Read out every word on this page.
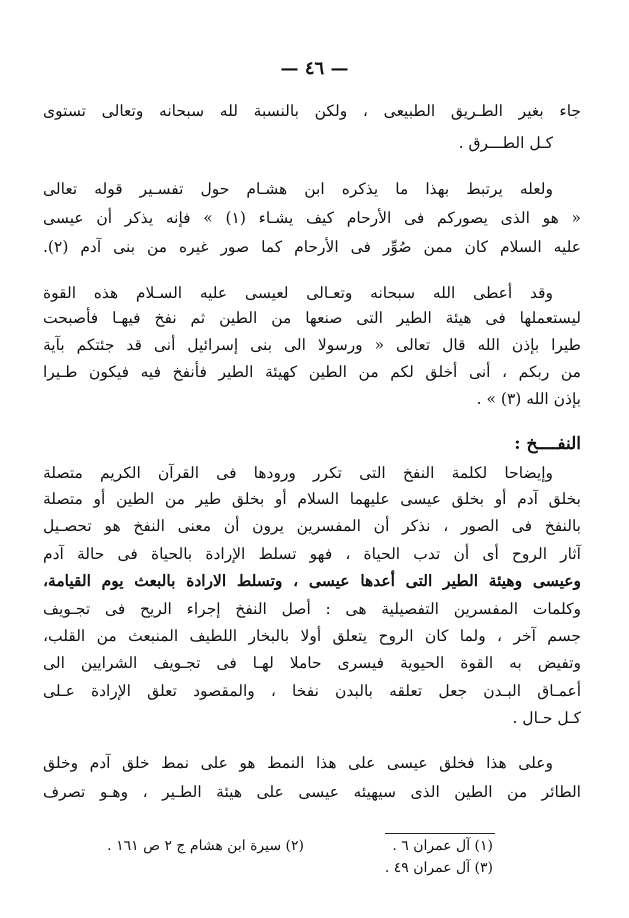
— ٤٦ —
جاء بغير الطـريق الطبيعى ، ولكن بالنسبة لله سبحانه وتعالى تستوى
كـل الطـــرق .
ولعله يرتبط بهذا ما يذكره ابن هشـام حول تفسـير قوله تعالى
« هو الذى يصوركم فى الأرحام كيف يشـاء (١) » فإنه يذكر أن عيسى
عليه السلام كان ممن صُوِّر فى الأرحام كما صور غيره من بنى آدم (٢).
وقد أعطى الله سبحانه وتعـالى لعيسى عليه السـلام هذه القوة
ليستعملها فى هيئة الطير التى صنعها من الطين ثم نفخ فيهـا فأصبحت
طيرا بإذن الله قال تعالى « ورسولا الى بنى إسرائيل أنى قد جئتكم بآية
من ربكم ، أنى أخلق لكم من الطين كهيئة الطير فأنفخ فيه فيكون طـيرا
بإذن الله (٣) » .
النفــــخ :
وإيضاحا لكلمة النفخ التى تكرر ورودها فى القرآن الكريم متصلة
بخلق آدم أو بخلق عيسى عليهما السلام أو بخلق طير من الطين أو متصلة
بالنفخ فى الصور ، نذكر أن المفسرين يرون أن معنى النفخ هو تحصـيل
آثار الروح أى أن تدب الحياة ، فهو تسلط الإرادة بالحياة فى حالة آدم
وعيسى وهيئة الطير التى أعدها عيسى ، وتسلط الارادة بالبعث يوم القيامة،
وكلمات المفسرين التفصيلية هى : أصل النفخ إجراء الريح فى تجـويف
جسم آخر ، ولما كان الروح يتعلق أولا بالبخار اللطيف المنبعث من القلب،
وتفيض به القوة الحيوية فيسرى حاملا لهـا فى تجـويف الشرايين الى
أعمـاق البـدن جعل تعلقه بالبدن نفخا ، والمقصود تعلق الإرادة عـلى
كـل حـال .
وعلى هذا فخلق عيسى على هذا النمط هو على نمط خلق آدم وخلق
الطائر من الطين الذى سيهيئه عيسى على هيئة الطـير ، وهـو تصرف
(١) آل عمران ٦ .
(٢) سيرة ابن هشام ج ٢ ص ١٦١ .
(٣) آل عمران ٤٩ .
